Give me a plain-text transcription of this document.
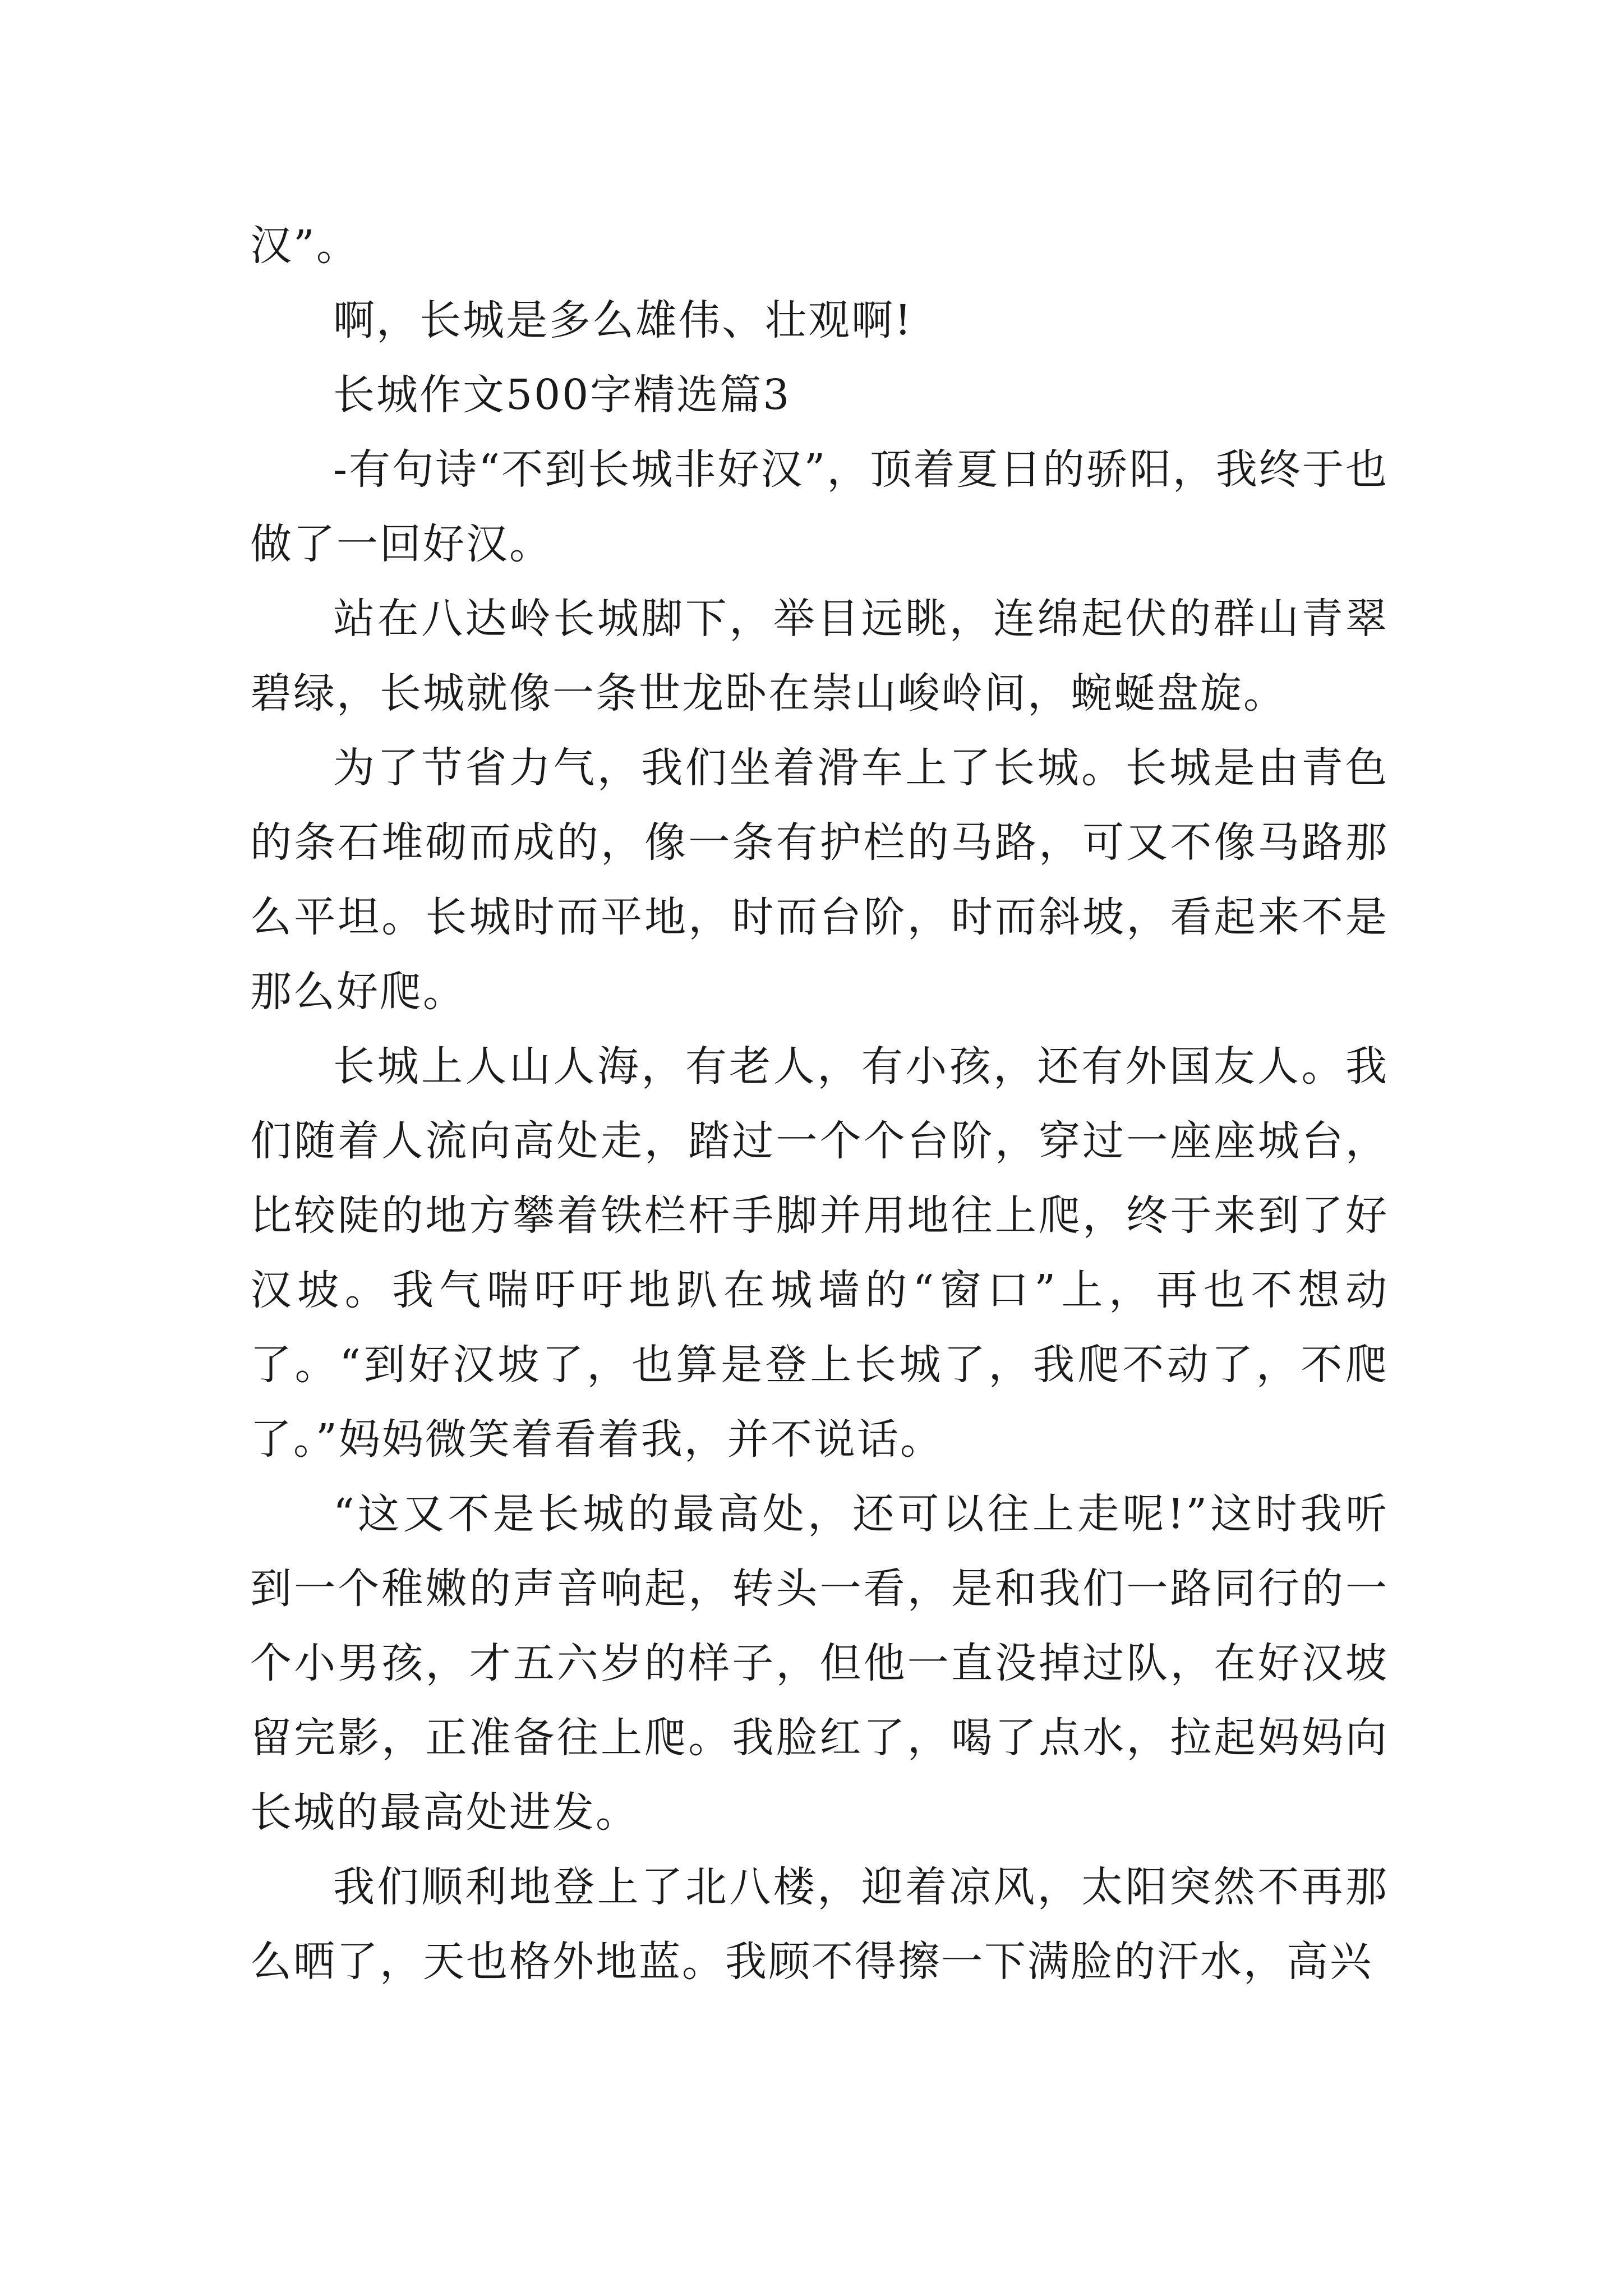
汉”。

啊，长城是多么雄伟、壮观啊!

长城作文500字精选篇3

-有句诗“不到长城非好汉”，顶着夏日的骄阳，我终于也做了一回好汉。

站在八达岭长城脚下，举目远眺，连绵起伏的群山青翠碧绿，长城就像一条世龙卧在崇山峻岭间，蜿蜒盘旋。

为了节省力气，我们坐着滑车上了长城。长城是由青色的条石堆砌而成的，像一条有护栏的马路，可又不像马路那么平坦。长城时而平地，时而台阶，时而斜坡，看起来不是那么好爬。

长城上人山人海，有老人，有小孩，还有外国友人。我们随着人流向高处走，踏过一个个台阶，穿过一座座城台，比较陡的地方攀着铁栏杆手脚并用地往上爬，终于来到了好汉坡。我气喘吁吁地趴在城墙的“窗口”上，再也不想动了。“到好汉坡了，也算是登上长城了，我爬不动了，不爬了。”妈妈微笑着看着我，并不说话。

“这又不是长城的最高处，还可以往上走呢!”这时我听到一个稚嫩的声音响起，转头一看，是和我们一路同行的一个小男孩，才五六岁的样子，但他一直没掉过队，在好汉坡留完影，正准备往上爬。我脸红了，喝了点水，拉起妈妈向长城的最高处进发。

我们顺利地登上了北八楼，迎着凉风，太阳突然不再那么晒了，天也格外地蓝。我顾不得擦一下满脸的汗水，高兴
